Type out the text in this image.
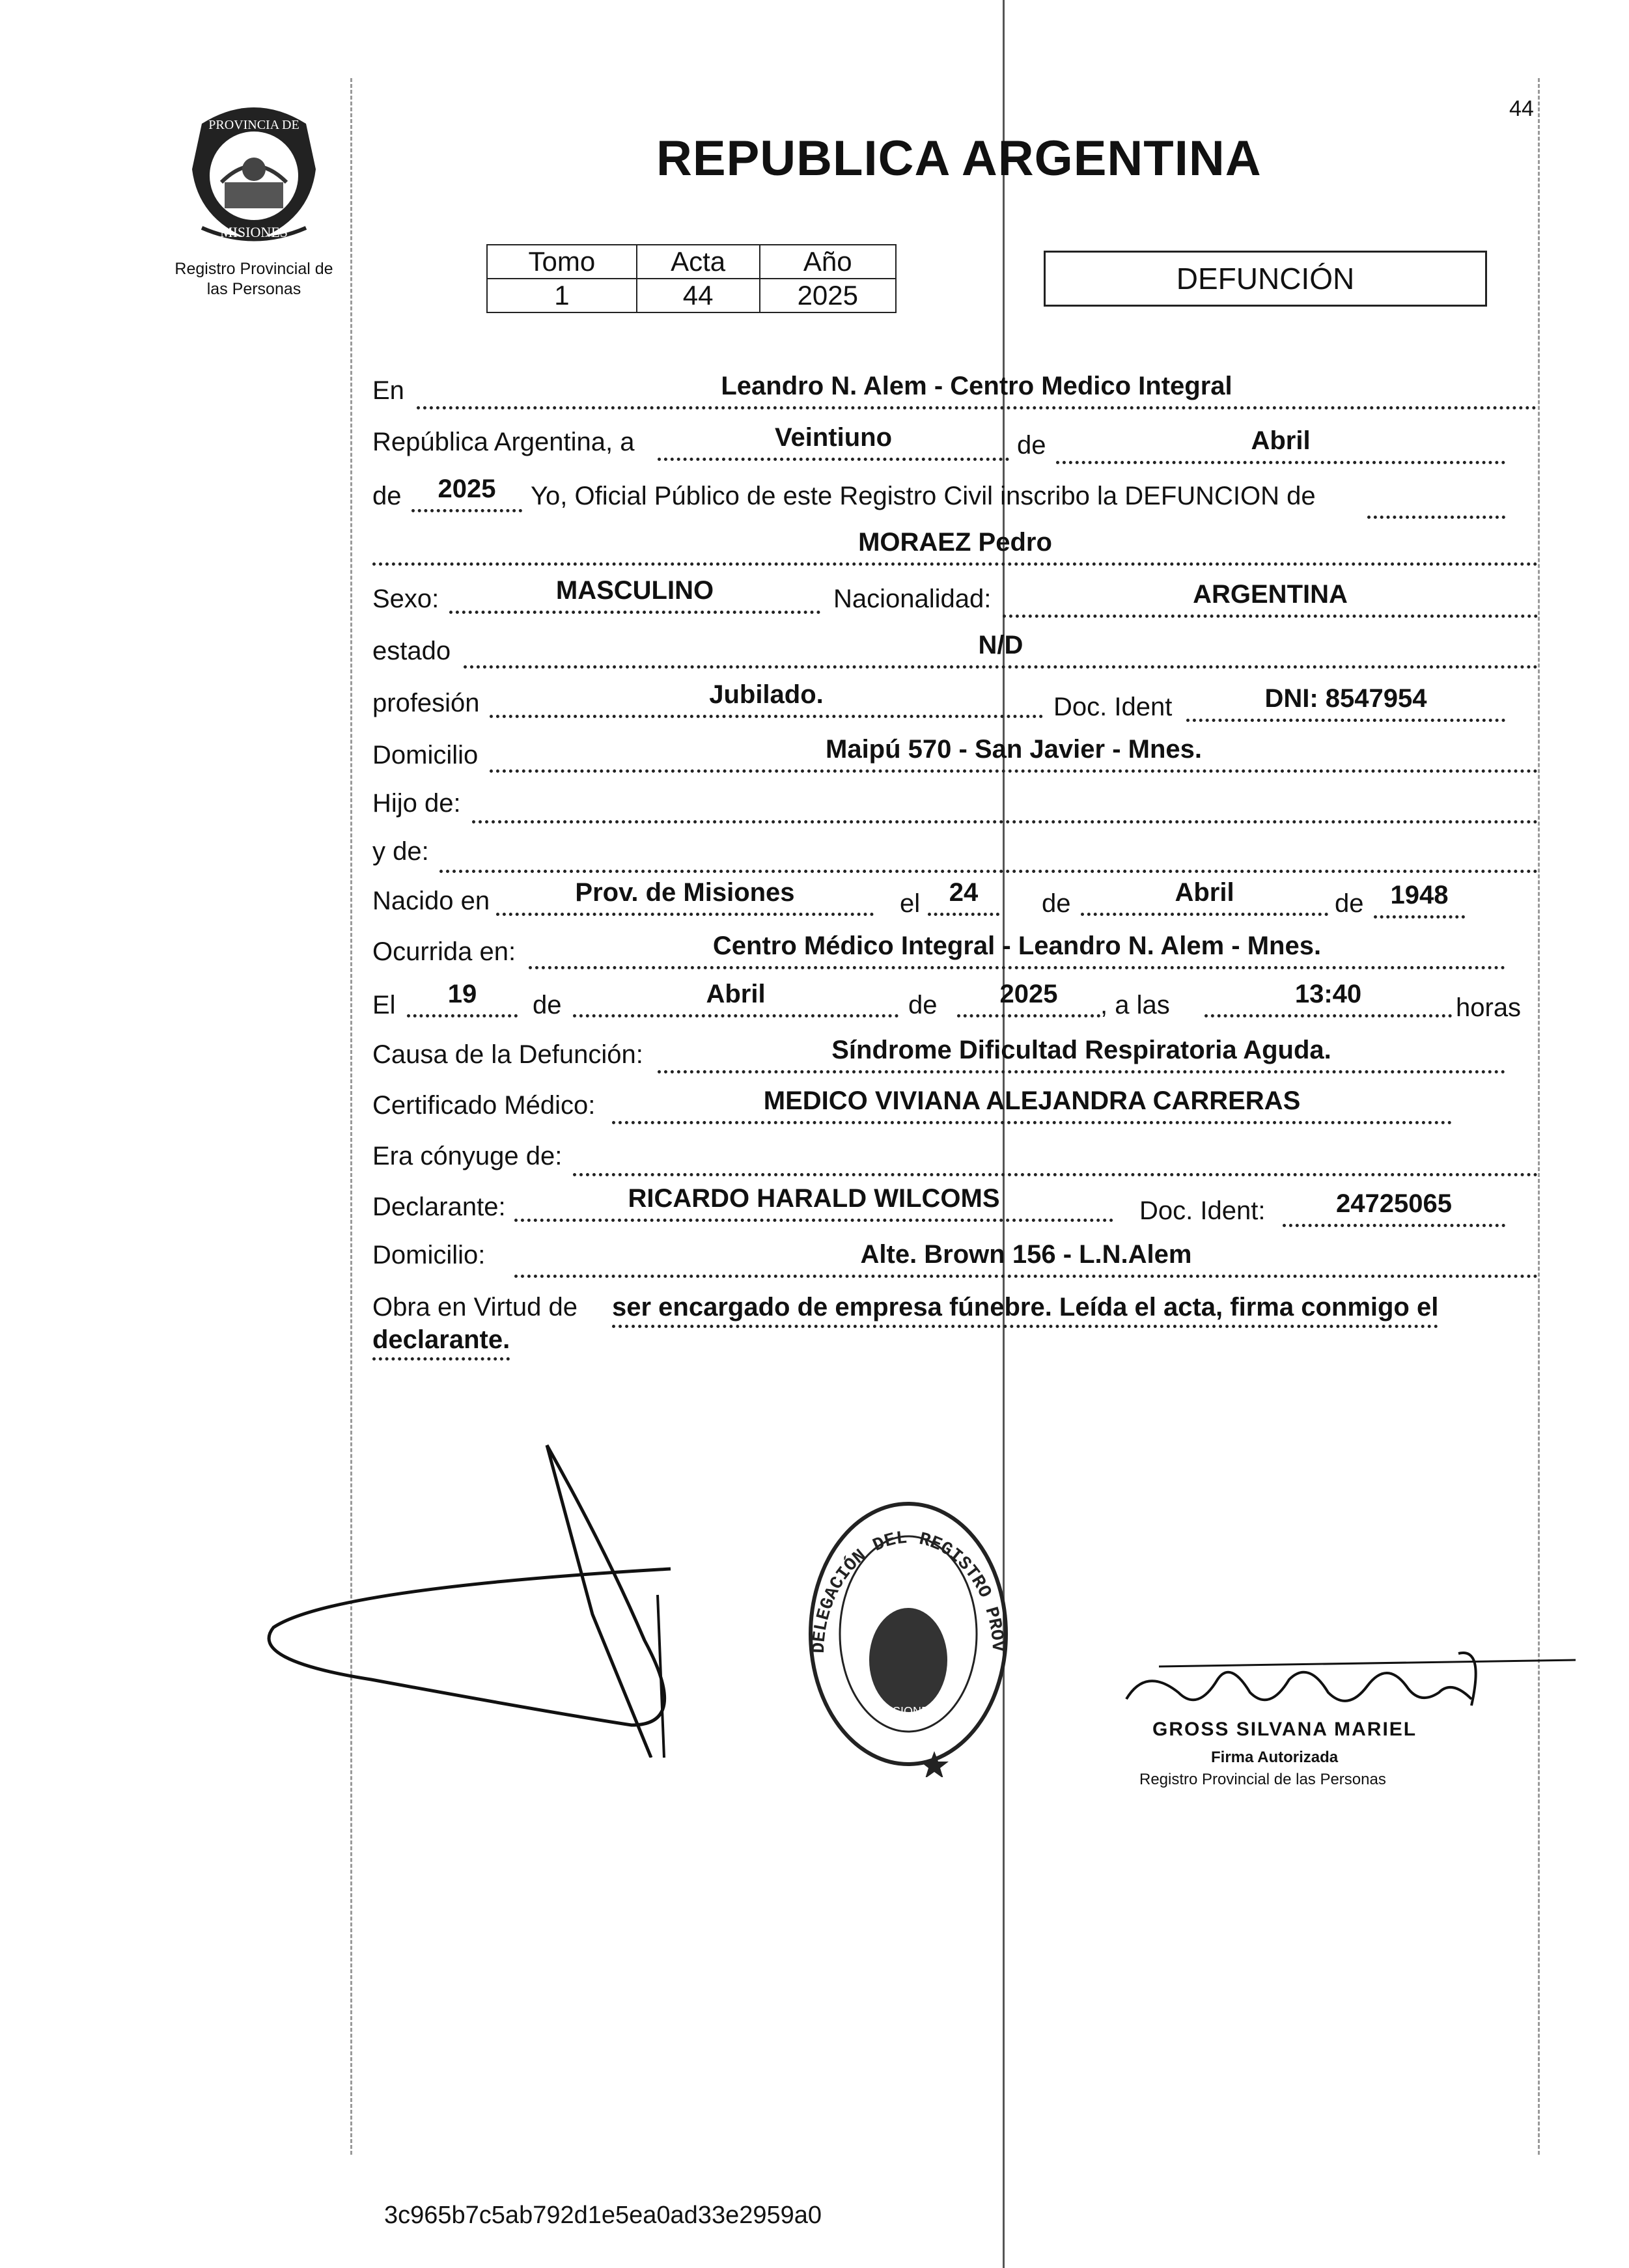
44
PROVINCIA DE
MISIONES
Registro Provincial de
las Personas
REPUBLICA ARGENTINA
Tomo	Acta	Año
1	44	2025	DEFUNCIÓN
En	Leandro N. Alem - Centro Medico Integral
República Argentina, a	Veintiuno	de	Abril
de	2025	Yo, Oficial Público de este Registro Civil inscribo la DEFUNCION de
MORAEZ Pedro
Sexo:	MASCULINO	Nacionalidad:	ARGENTINA
estado	N/D
profesión	Jubilado.	Doc. Ident	DNI: 8547954
Domicilio	Maipú 570 - San Javier - Mnes.
Hijo de:
y de:
Nacido en	Prov. de Misiones	el	24	de	Abril	de	1948
Ocurrida en:	Centro Médico Integral - Leandro N. Alem - Mnes.
El	19	de	Abril	de	2025	, a las	13:40	horas
Causa de la Defunción:	Síndrome Dificultad Respiratoria Aguda.
Certificado Médico:	MEDICO VIVIANA ALEJANDRA CARRERAS
Era cónyuge de:
Declarante:	RICARDO HARALD WILCOMS	Doc. Ident:	24725065
Domicilio:	Alte. Brown 156 - L.N.Alem
Obra en Virtud de ser encargado de empresa fúnebre. Leída el acta, firma conmigo el
declarante.
DELEGACIÓN DEL REGISTRO PROV
MISIONES
GROSS SILVANA MARIEL
Firma Autorizada
Registro Provincial de las Personas
3c965b7c5ab792d1e5ea0ad33e2959a0
